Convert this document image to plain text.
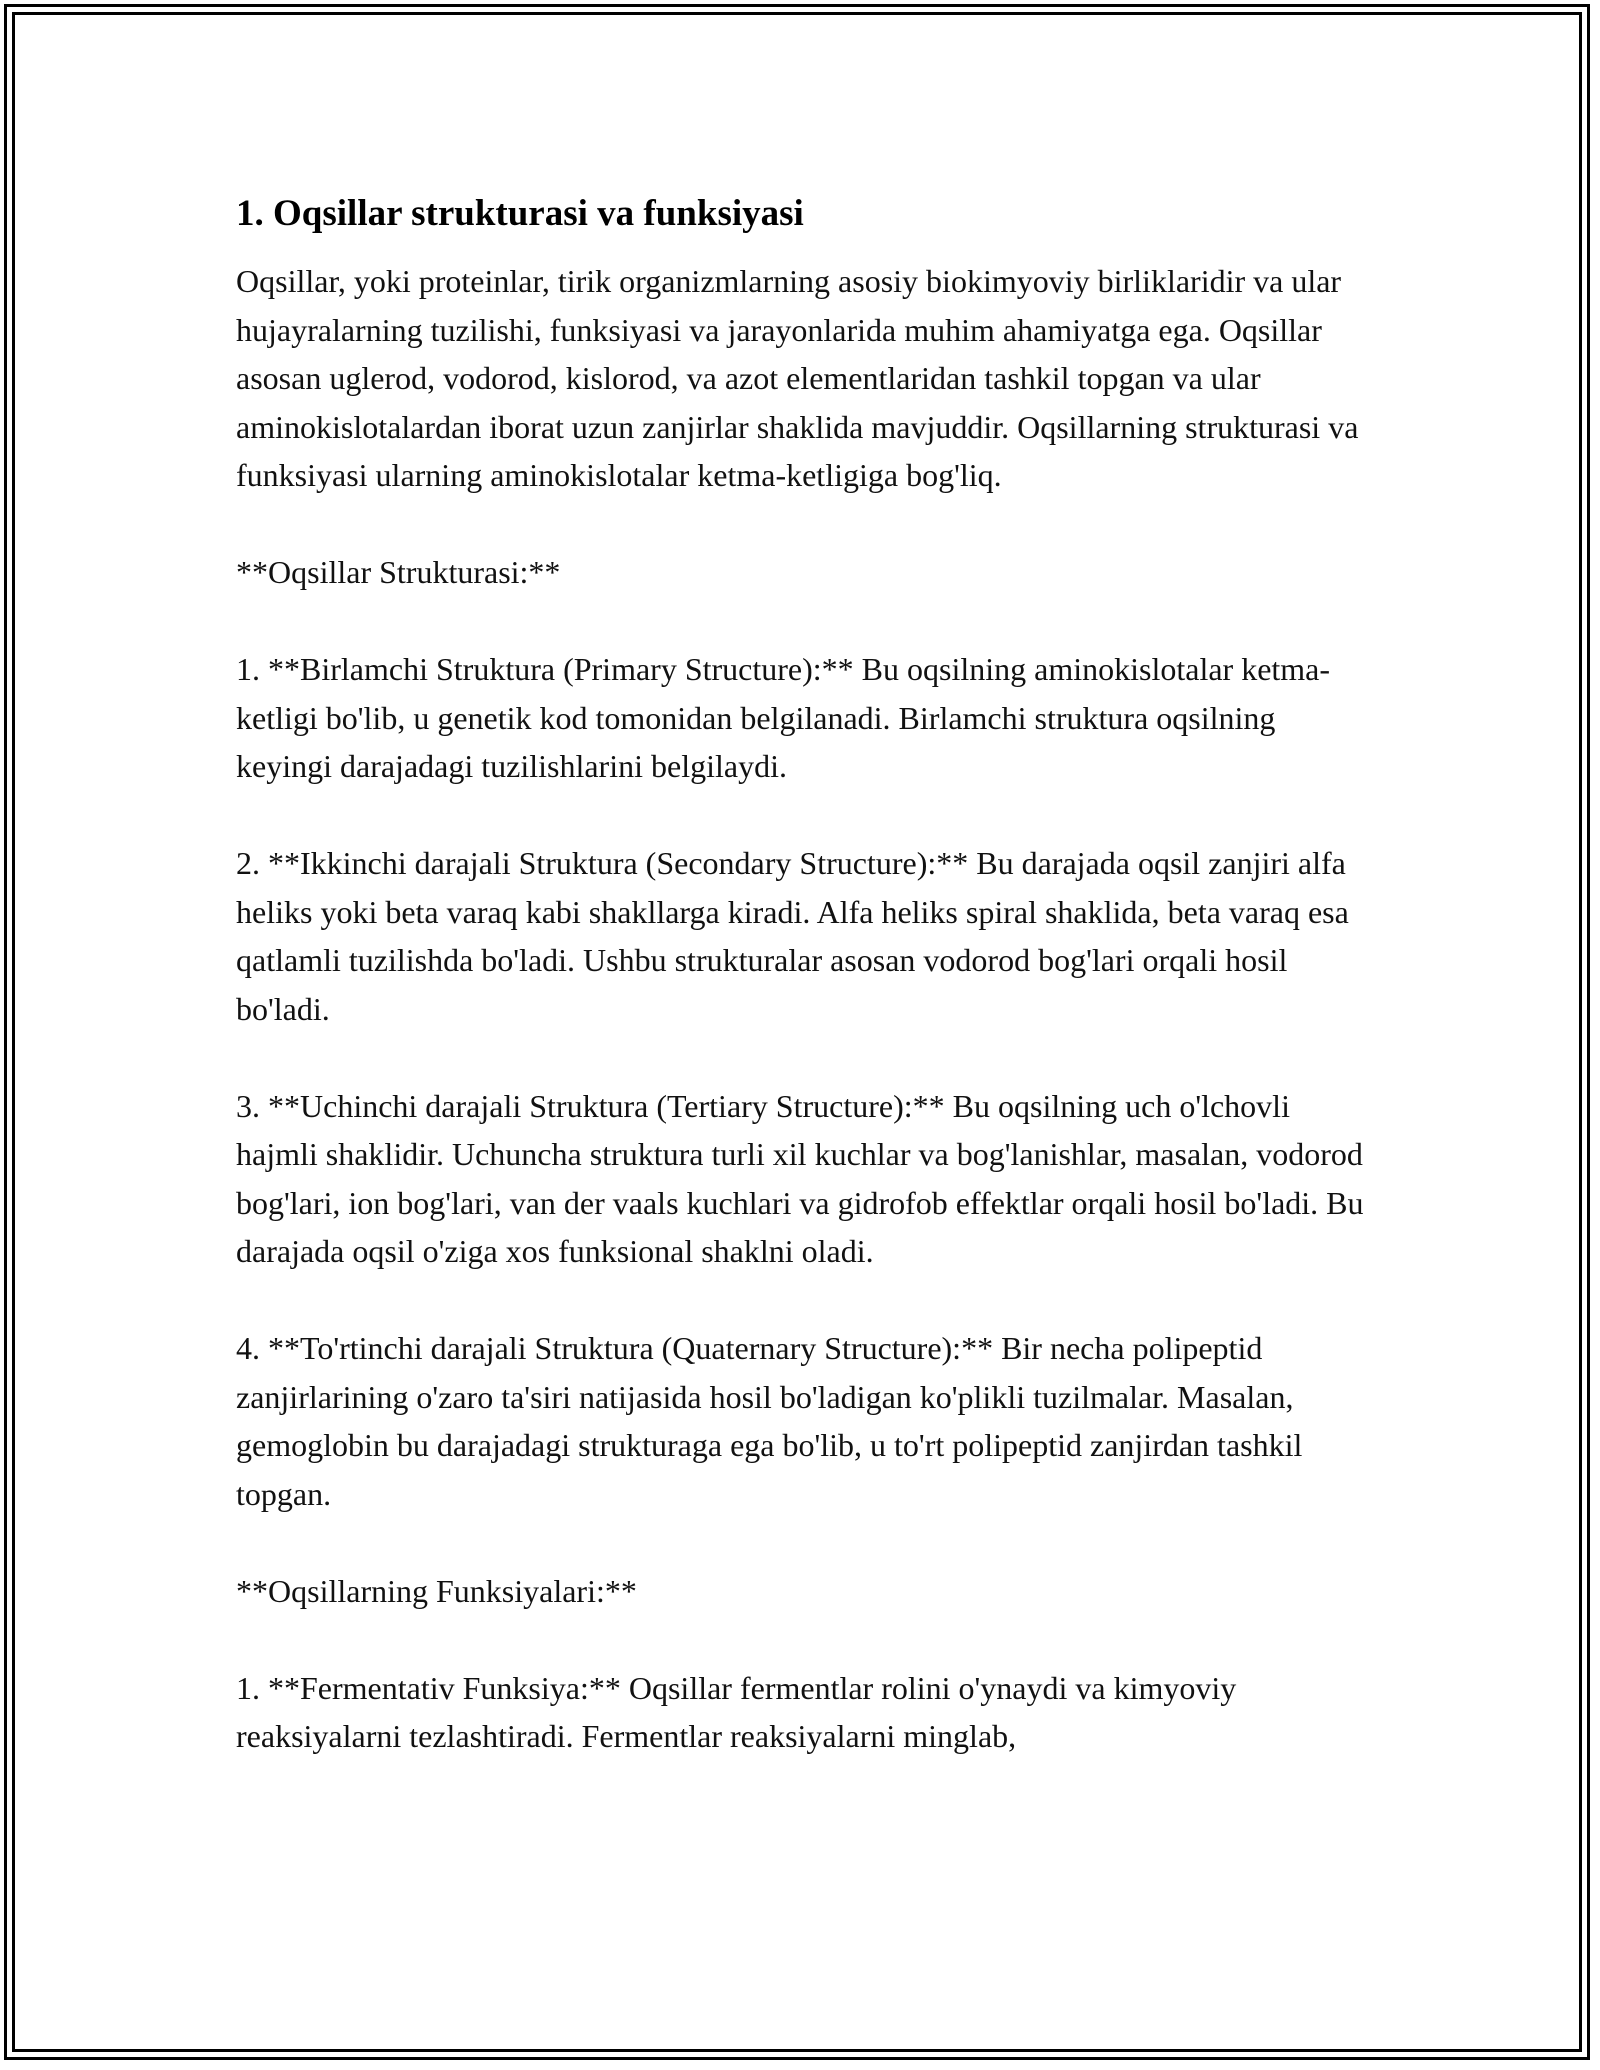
1. Oqsillar strukturasi va funksiyasi

Oqsillar, yoki proteinlar, tirik organizmlarning asosiy biokimyoviy birliklaridir va ular hujayralarning tuzilishi, funksiyasi va jarayonlarida muhim ahamiyatga ega. Oqsillar asosan uglerod, vodorod, kislorod, va azot elementlaridan tashkil topgan va ular aminokislotalardan iborat uzun zanjirlar shaklida mavjuddir. Oqsillarning strukturasi va funksiyasi ularning aminokislotalar ketma-ketligiga bog'liq.

**Oqsillar Strukturasi:**

1. **Birlamchi Struktura (Primary Structure):** Bu oqsilning aminokislotalar ketma-ketligi bo'lib, u genetik kod tomonidan belgilanadi. Birlamchi struktura oqsilning keyingi darajadagi tuzilishlarini belgilaydi.

2. **Ikkinchi darajali Struktura (Secondary Structure):** Bu darajada oqsil zanjiri alfa heliks yoki beta varaq kabi shakllarga kiradi. Alfa heliks spiral shaklida, beta varaq esa qatlamli tuzilishda bo'ladi. Ushbu strukturalar asosan vodorod bog'lari orqali hosil bo'ladi.

3. **Uchinchi darajali Struktura (Tertiary Structure):** Bu oqsilning uch o'lchovli hajmli shaklidir. Uchuncha struktura turli xil kuchlar va bog'lanishlar, masalan, vodorod bog'lari, ion bog'lari, van der vaals kuchlari va gidrofob effektlar orqali hosil bo'ladi. Bu darajada oqsil o'ziga xos funksional shaklni oladi.

4. **To'rtinchi darajali Struktura (Quaternary Structure):** Bir necha polipeptid zanjirlarining o'zaro ta'siri natijasida hosil bo'ladigan ko'plikli tuzilmalar. Masalan, gemoglobin bu darajadagi strukturaga ega bo'lib, u to'rt polipeptid zanjirdan tashkil topgan.

**Oqsillarning Funksiyalari:**

1. **Fermentativ Funksiya:** Oqsillar fermentlar rolini o'ynaydi va kimyoviy reaksiyalarni tezlashtiradi. Fermentlar reaksiyalarni minglab,
